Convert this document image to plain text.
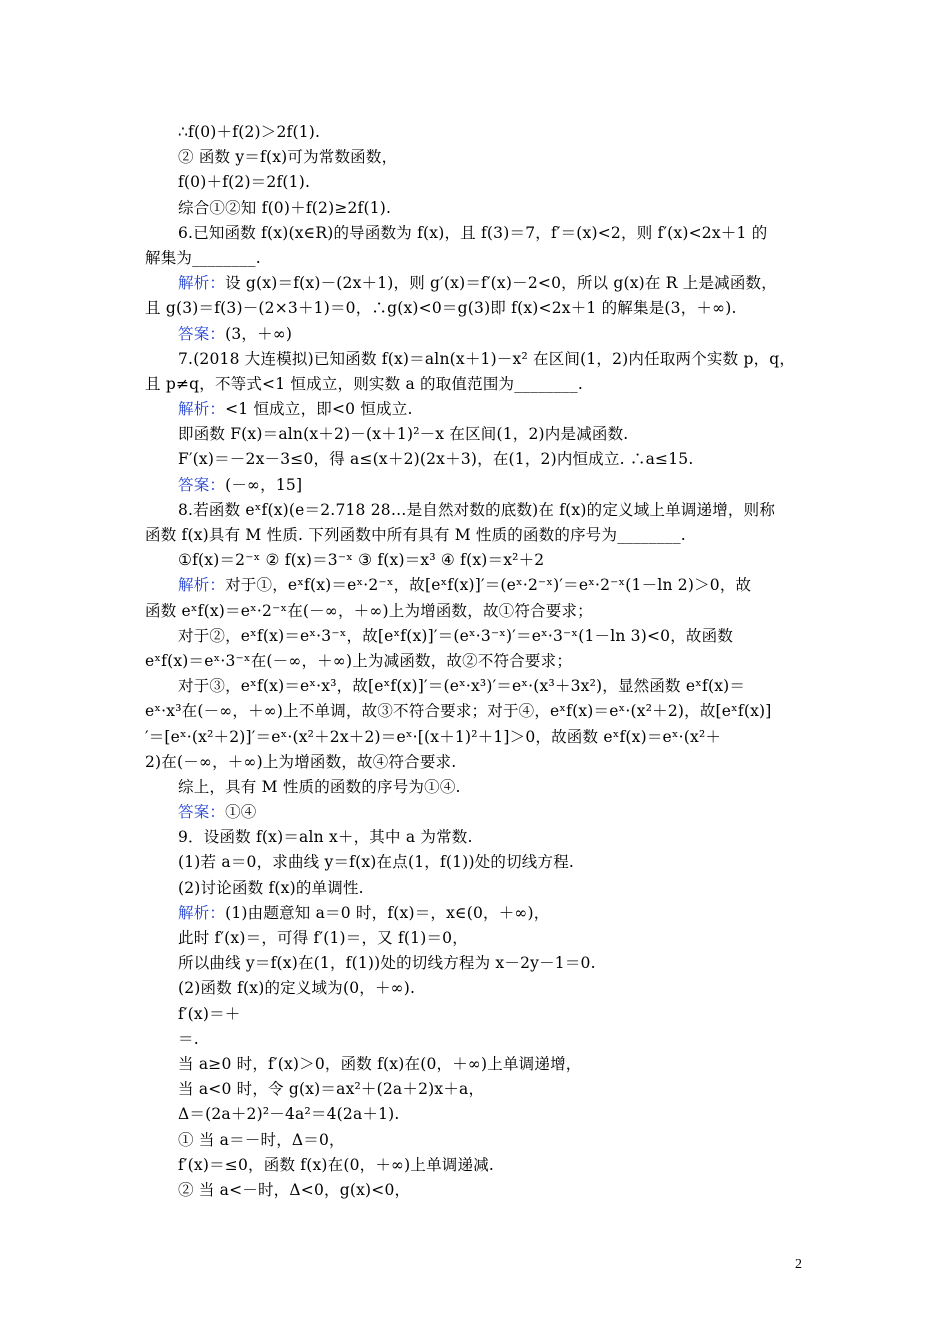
∴f(0)＋f(2)＞2f(1).
② 函数 y＝f(x)可为常数函数，
f(0)＋f(2)＝2f(1).
综合①②知 f(0)＋f(2)≥2f(1).
6.已知函数 f(x)(x∈R)的导函数为 f(x)，且 f(3)＝7，f′＝(x)<2，则 f′(x)<2x＋1 的
解集为________.
解析：设 g(x)＝f(x)－(2x＋1)，则 g′(x)＝f′(x)－2<0，所以 g(x)在 R 上是减函数，
且 g(3)＝f(3)－(2×3＋1)＝0，∴g(x)<0＝g(3)即 f(x)<2x＋1 的解集是(3，＋∞).
答案：(3，＋∞)
7.(2018 大连模拟)已知函数 f(x)＝aln(x＋1)－x² 在区间(1，2)内任取两个实数 p，q，
且 p≠q，不等式<1 恒成立，则实数 a 的取值范围为________.
解析：<1 恒成立，即<0 恒成立.
即函数 F(x)＝aln(x＋2)－(x＋1)²－x 在区间(1，2)内是减函数.
F′(x)＝－2x－3≤0，得 a≤(x＋2)(2x＋3)，在(1，2)内恒成立. ∴a≤15.
答案：(－∞，15]
8.若函数 eˣf(x)(e＝2.718 28…是自然对数的底数)在 f(x)的定义域上单调递增，则称
函数 f(x)具有 M 性质. 下列函数中所有具有 M 性质的函数的序号为________.
①f(x)＝2⁻ˣ ② f(x)＝3⁻ˣ ③ f(x)＝x³ ④ f(x)＝x²＋2
解析：对于①，eˣf(x)＝eˣ·2⁻ˣ，故[eˣf(x)]′＝(eˣ·2⁻ˣ)′＝eˣ·2⁻ˣ(1－ln 2)＞0，故
函数 eˣf(x)＝eˣ·2⁻ˣ在(－∞，＋∞)上为增函数，故①符合要求；
对于②，eˣf(x)＝eˣ·3⁻ˣ，故[eˣf(x)]′＝(eˣ·3⁻ˣ)′＝eˣ·3⁻ˣ(1－ln 3)<0，故函数
eˣf(x)＝eˣ·3⁻ˣ在(－∞，＋∞)上为减函数，故②不符合要求；
对于③，eˣf(x)＝eˣ·x³，故[eˣf(x)]′＝(eˣ·x³)′＝eˣ·(x³＋3x²)，显然函数 eˣf(x)＝
eˣ·x³在(－∞，＋∞)上不单调，故③不符合要求；对于④，eˣf(x)＝eˣ·(x²＋2)，故[eˣf(x)]
′＝[eˣ·(x²＋2)]′＝eˣ·(x²＋2x＋2)＝eˣ·[(x＋1)²＋1]＞0，故函数 eˣf(x)＝eˣ·(x²＋
2)在(－∞，＋∞)上为增函数，故④符合要求.
综上，具有 M 性质的函数的序号为①④.
答案：①④
9．设函数 f(x)＝aln x＋，其中 a 为常数.
(1)若 a＝0，求曲线 y＝f(x)在点(1，f(1))处的切线方程.
(2)讨论函数 f(x)的单调性.
解析：(1)由题意知 a＝0 时，f(x)＝，x∈(0，＋∞)，
此时 f′(x)＝，可得 f′(1)＝，又 f(1)＝0，
所以曲线 y＝f(x)在(1，f(1))处的切线方程为 x－2y－1＝0.
(2)函数 f(x)的定义域为(0，＋∞).
f′(x)＝＋
＝.
当 a≥0 时，f′(x)＞0，函数 f(x)在(0，＋∞)上单调递增，
当 a<0 时，令 g(x)＝ax²＋(2a＋2)x＋a，
Δ＝(2a＋2)²－4a²＝4(2a＋1).
① 当 a＝－时，Δ＝0，
f′(x)＝≤0，函数 f(x)在(0，＋∞)上单调递减.
② 当 a<－时，Δ<0，g(x)<0，
2
